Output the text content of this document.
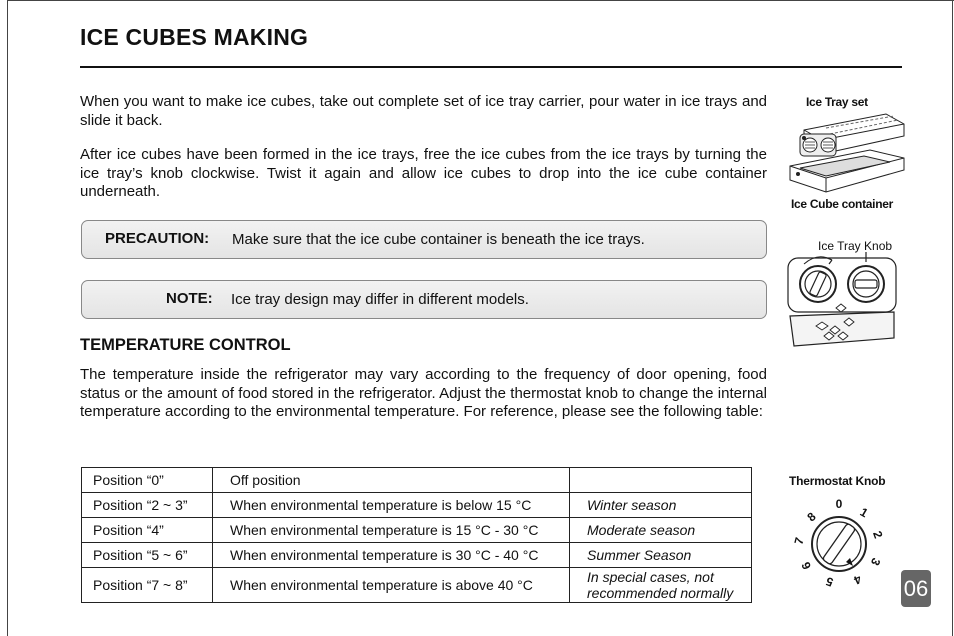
ICE CUBES MAKING

When you want to make ice cubes, take out complete set of ice tray carrier, pour water in ice trays and slide it back.

After ice cubes have been formed in the ice trays, free the ice cubes from the ice trays by turning the ice tray’s knob clockwise. Twist it again and allow ice cubes to drop into the ice cube container underneath.

PRECAUTION: Make sure that the ice cube container is beneath the ice trays.
NOTE: Ice tray design may differ in different models.
TEMPERATURE CONTROL

The temperature inside the refrigerator may vary according to the frequency of door opening, food status or the amount of food stored in the refrigerator. Adjust the thermostat knob to change the internal temperature according to the environmental temperature. For reference, please see the following table:

Position “0”	Off position	
Position “2 ~ 3”	When environmental temperature is below 15 °C	Winter season
Position “4”	When environmental temperature is 15 °C - 30 °C	Moderate season
Position “5 ~ 6”	When environmental temperature is 30 °C - 40 °C	Summer Season
Position “7 ~ 8”	When environmental temperature is above 40 °C	In special cases, not recommended normally
Ice Tray set
Ice Cube container
Ice Tray Knob
Thermostat Knob
0
1
2
3
4
5
6
7
8
06
